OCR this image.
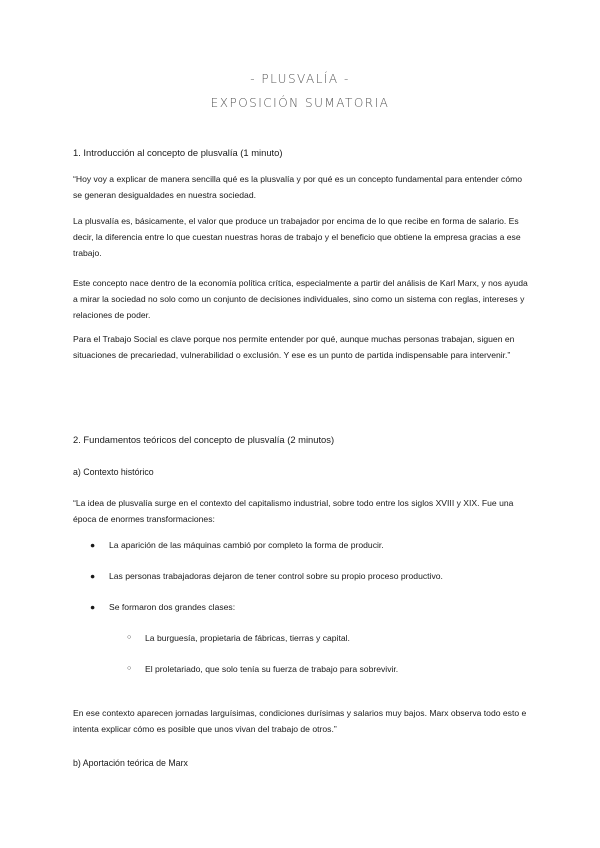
- PLUSVALÍA -
EXPOSICIÓN SUMATORIA

1. Introducción al concepto de plusvalía (1 minuto)

“Hoy voy a explicar de manera sencilla qué es la plusvalía y por qué es un concepto fundamental para entender cómo se generan desigualdades en nuestra sociedad.

La plusvalía es, básicamente, el valor que produce un trabajador por encima de lo que recibe en forma de salario. Es decir, la diferencia entre lo que cuestan nuestras horas de trabajo y el beneficio que obtiene la empresa gracias a ese trabajo.

Este concepto nace dentro de la economía política crítica, especialmente a partir del análisis de Karl Marx, y nos ayuda a mirar la sociedad no solo como un conjunto de decisiones individuales, sino como un sistema con reglas, intereses y relaciones de poder.

Para el Trabajo Social es clave porque nos permite entender por qué, aunque muchas personas trabajan, siguen en situaciones de precariedad, vulnerabilidad o exclusión. Y ese es un punto de partida indispensable para intervenir.”

2. Fundamentos teóricos del concepto de plusvalía (2 minutos)

a) Contexto histórico

“La idea de plusvalía surge en el contexto del capitalismo industrial, sobre todo entre los siglos XVIII y XIX. Fue una época de enormes transformaciones:

●	La aparición de las máquinas cambió por completo la forma de producir.
●	Las personas trabajadoras dejaron de tener control sobre su propio proceso productivo.
●	Se formaron dos grandes clases:
○ La burguesía, propietaria de fábricas, tierras y capital.
○ El proletariado, que solo tenía su fuerza de trabajo para sobrevivir.

En ese contexto aparecen jornadas larguísimas, condiciones durísimas y salarios muy bajos. Marx observa todo esto e intenta explicar cómo es posible que unos vivan del trabajo de otros.”

b) Aportación teórica de Marx
